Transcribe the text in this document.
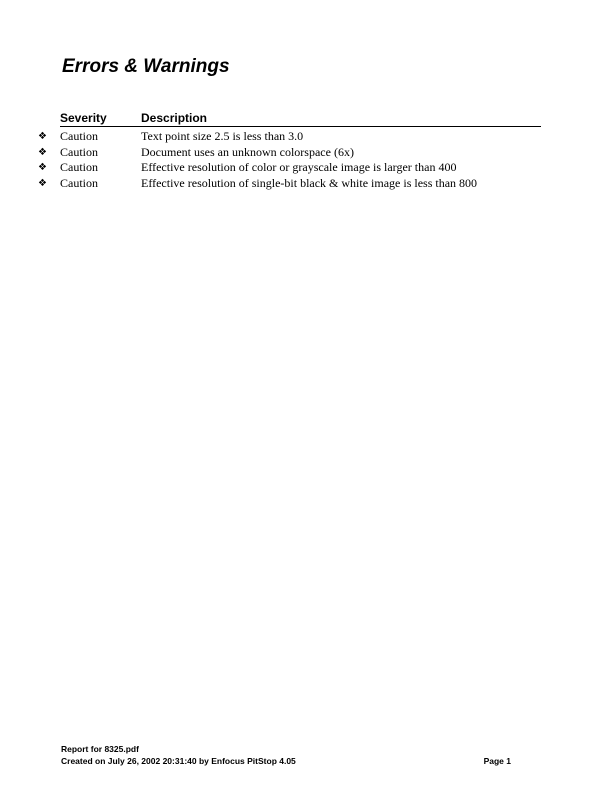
Errors & Warnings
Severity	Description
❖ Caution	Text point size 2.5 is less than 3.0
❖ Caution	Document uses an unknown colorspace (6x)
❖ Caution	Effective resolution of color or grayscale image is larger than 400
❖ Caution	Effective resolution of single-bit black & white image is less than 800
Report for 8325.pdf
Created on July 26, 2002 20:31:40 by Enfocus PitStop 4.05	Page 1
